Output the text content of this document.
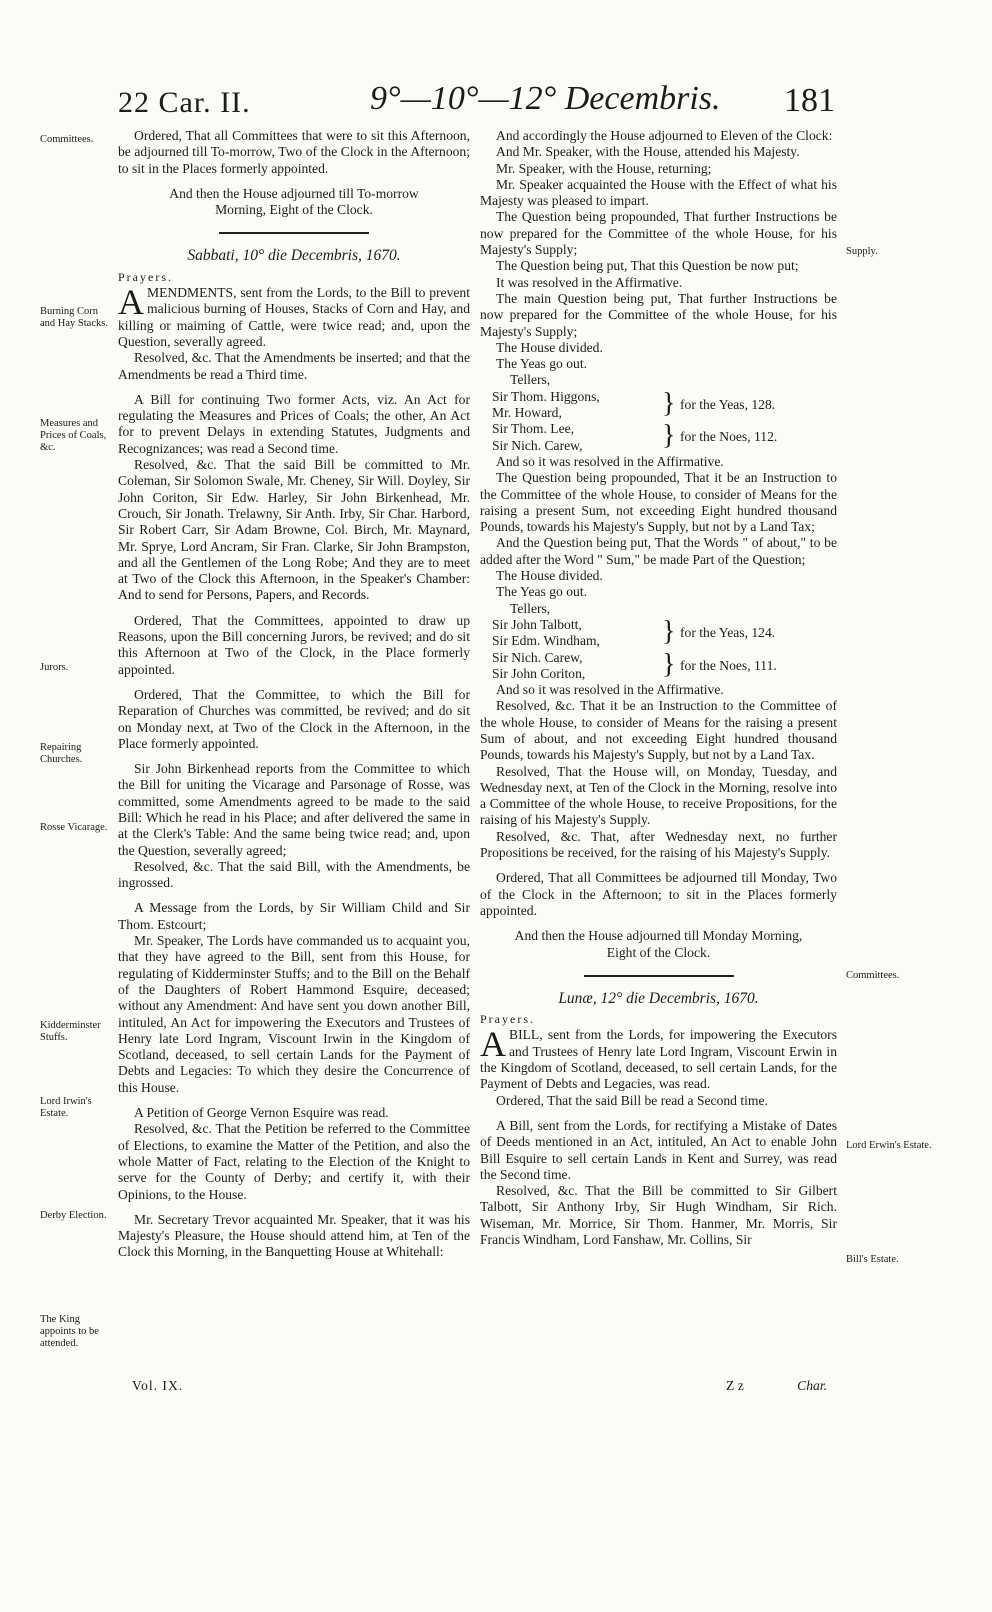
22 Car. II.	9°—10°—12° Decembris. 181
Committees.
Burning Corn and Hay Stacks.
Measures and Prices of Coals, &c.
Jurors.
Repairing Churches.
Rosse Vicarage.
Kidderminster Stuffs.
Lord Irwin's Estate.
Derby Election.
The King appoints to be attended.
Supply.
Committees.
Lord Erwin's Estate.
Bill's Estate.

Ordered, That all Committees that were to sit this Afternoon, be adjourned till To-morrow, Two of the Clock in the Afternoon; to sit in the Places formerly appointed.

And then the House adjourned till To-morrow Morning, Eight of the Clock.

Sabbati, 10° die Decembris, 1670.

Prayers.

AMENDMENTS, sent from the Lords, to the Bill to prevent malicious burning of Houses, Stacks of Corn and Hay, and killing or maiming of Cattle, were twice read; and, upon the Question, severally agreed.

Resolved, &c. That the Amendments be inserted; and that the Amendments be read a Third time.

A Bill for continuing Two former Acts, viz. An Act for regulating the Measures and Prices of Coals; the other, An Act for to prevent Delays in extending Statutes, Judgments and Recognizances; was read a Second time.

Resolved, &c. That the said Bill be committed to Mr. Coleman, Sir Solomon Swale, Mr. Cheney, Sir Will. Doyley, Sir John Coriton, Sir Edw. Harley, Sir John Birkenhead, Mr. Crouch, Sir Jonath. Trelawny, Sir Anth. Irby, Sir Char. Harbord, Sir Robert Carr, Sir Adam Browne, Col. Birch, Mr. Maynard, Mr. Sprye, Lord Ancram, Sir Fran. Clarke, Sir John Brampston, and all the Gentlemen of the Long Robe; And they are to meet at Two of the Clock this Afternoon, in the Speaker's Chamber: And to send for Persons, Papers, and Records.

Ordered, That the Committees, appointed to draw up Reasons, upon the Bill concerning Jurors, be revived; and do sit this Afternoon at Two of the Clock, in the Place formerly appointed.

Ordered, That the Committee, to which the Bill for Reparation of Churches was committed, be revived; and do sit on Monday next, at Two of the Clock in the Afternoon, in the Place formerly appointed.

Sir John Birkenhead reports from the Committee to which the Bill for uniting the Vicarage and Parsonage of Rosse, was committed, some Amendments agreed to be made to the said Bill: Which he read in his Place; and after delivered the same in at the Clerk's Table: And the same being twice read; and, upon the Question, severally agreed;

Resolved, &c. That the said Bill, with the Amendments, be ingrossed.

A Message from the Lords, by Sir William Child and Sir Thom. Estcourt;

Mr. Speaker, The Lords have commanded us to acquaint you, that they have agreed to the Bill, sent from this House, for regulating of Kidderminster Stuffs; and to the Bill on the Behalf of the Daughters of Robert Hammond Esquire, deceased; without any Amendment: And have sent you down another Bill, intituled, An Act for impowering the Executors and Trustees of Henry late Lord Ingram, Viscount Irwin in the Kingdom of Scotland, deceased, to sell certain Lands for the Payment of Debts and Legacies: To which they desire the Concurrence of this House.

A Petition of George Vernon Esquire was read.

Resolved, &c. That the Petition be referred to the Committee of Elections, to examine the Matter of the Petition, and also the whole Matter of Fact, relating to the Election of the Knight to serve for the County of Derby; and certify it, with their Opinions, to the House.

Mr. Secretary Trevor acquainted Mr. Speaker, that it was his Majesty's Pleasure, the House should attend him, at Ten of the Clock this Morning, in the Banquetting House at Whitehall:

And accordingly the House adjourned to Eleven of the Clock:

And Mr. Speaker, with the House, attended his Majesty.

Mr. Speaker, with the House, returning;

Mr. Speaker acquainted the House with the Effect of what his Majesty was pleased to impart.

The Question being propounded, That further Instructions be now prepared for the Committee of the whole House, for his Majesty's Supply;

The Question being put, That this Question be now put;

It was resolved in the Affirmative.

The main Question being put, That further Instructions be now prepared for the Committee of the whole House, for his Majesty's Supply;

The House divided.

The Yeas go out.

Tellers,

Sir Thom. Higgons,
Mr. Howard,	} for the Yeas, 128.
Sir Thom. Lee,
Sir Nich. Carew,	} for the Noes, 112.

And so it was resolved in the Affirmative.

The Question being propounded, That it be an Instruction to the Committee of the whole House, to consider of Means for the raising a present Sum, not exceeding Eight hundred thousand Pounds, towards his Majesty's Supply, but not by a Land Tax;

And the Question being put, That the Words " of about," to be added after the Word " Sum," be made Part of the Question;

The House divided.

The Yeas go out.

Tellers,

Sir John Talbott,
Sir Edm. Windham, } for the Yeas, 124.
Sir Nich. Carew,
Sir John Coriton,	} for the Noes, 111.

And so it was resolved in the Affirmative.

Resolved, &c. That it be an Instruction to the Committee of the whole House, to consider of Means for the raising a present Sum of about, and not exceeding Eight hundred thousand Pounds, towards his Majesty's Supply, but not by a Land Tax.

Resolved, That the House will, on Monday, Tuesday, and Wednesday next, at Ten of the Clock in the Morning, resolve into a Committee of the whole House, to receive Propositions, for the raising of his Majesty's Supply.

Resolved, &c. That, after Wednesday next, no further Propositions be received, for the raising of his Majesty's Supply.

Ordered, That all Committees be adjourned till Monday, Two of the Clock in the Afternoon; to sit in the Places formerly appointed.

And then the House adjourned till Monday Morning, Eight of the Clock.

Lunæ, 12° die Decembris, 1670.

Prayers.

ABILL, sent from the Lords, for impowering the Executors and Trustees of Henry late Lord Ingram, Viscount Erwin in the Kingdom of Scotland, deceased, to sell certain Lands, for the Payment of Debts and Legacies, was read.

Ordered, That the said Bill be read a Second time.

A Bill, sent from the Lords, for rectifying a Mistake of Dates of Deeds mentioned in an Act, intituled, An Act to enable John Bill Esquire to sell certain Lands in Kent and Surrey, was read the Second time.

Resolved, &c. That the Bill be committed to Sir Gilbert Talbott, Sir Anthony Irby, Sir Hugh Windham, Sir Rich. Wiseman, Mr. Morrice, Sir Thom. Hanmer, Mr. Morris, Sir Francis Windham, Lord Fanshaw, Mr. Collins, Sir

Vol. IX.	Z z	Char.
